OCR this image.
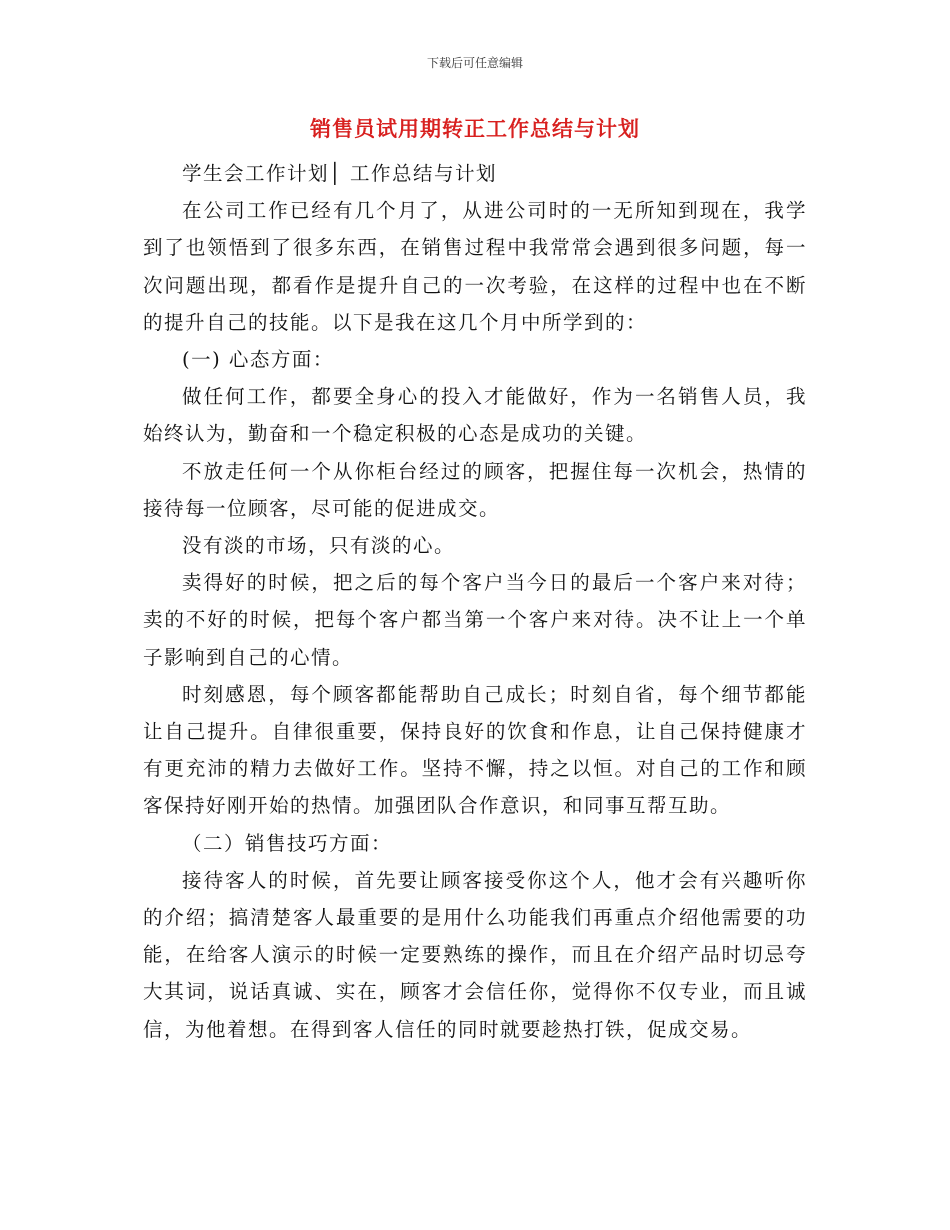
下载后可任意编辑
销售员试用期转正工作总结与计划

学生会工作计划│ 工作总结与计划

在公司工作已经有几个月了，从进公司时的一无所知到现在，我学到了也领悟到了很多东西，在销售过程中我常常会遇到很多问题，每一次问题出现，都看作是提升自己的一次考验，在这样的过程中也在不断的提升自己的技能。以下是我在这几个月中所学到的：

(一) 心态方面：

做任何工作，都要全身心的投入才能做好，作为一名销售人员，我始终认为，勤奋和一个稳定积极的心态是成功的关键。

不放走任何一个从你柜台经过的顾客，把握住每一次机会，热情的接待每一位顾客，尽可能的促进成交。

没有淡的市场，只有淡的心。

卖得好的时候，把之后的每个客户当今日的最后一个客户来对待；卖的不好的时候，把每个客户都当第一个客户来对待。决不让上一个单子影响到自己的心情。

时刻感恩，每个顾客都能帮助自己成长；时刻自省，每个细节都能让自己提升。自律很重要，保持良好的饮食和作息，让自己保持健康才有更充沛的精力去做好工作。坚持不懈，持之以恒。对自己的工作和顾客保持好刚开始的热情。加强团队合作意识，和同事互帮互助。

（二）销售技巧方面：

接待客人的时候，首先要让顾客接受你这个人，他才会有兴趣听你的介绍；搞清楚客人最重要的是用什么功能我们再重点介绍他需要的功能，在给客人演示的时候一定要熟练的操作，而且在介绍产品时切忌夸大其词，说话真诚、实在，顾客才会信任你，觉得你不仅专业，而且诚信，为他着想。在得到客人信任的同时就要趁热打铁，促成交易。
